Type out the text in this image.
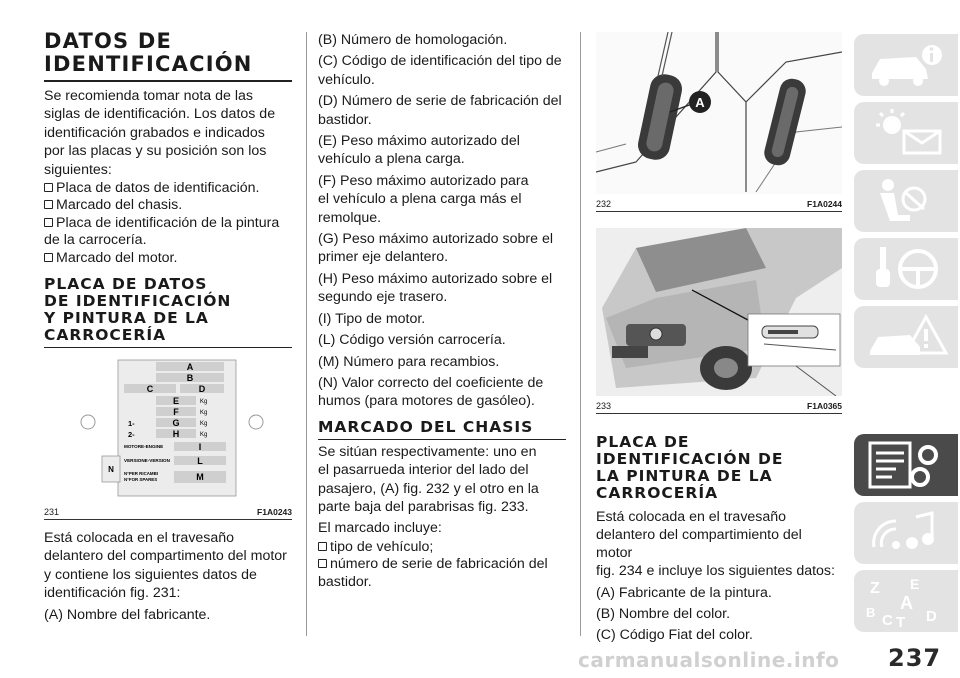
DATOS DE
IDENTIFICACIÓN

Se recomienda tomar nota de las

siglas de identificación. Los datos de

identificación grabados e indicados

por las placas y su posición son los

siguientes:

Placa de datos de identificación.
Marcado del chasis.
Placa de identificación de la pintura
de la carrocería.
Marcado del motor.
PLACA DE DATOS
DE IDENTIFICACIÓN
Y PINTURA DE LA
CARROCERÍA
A
B
C	D
E
F
G
H
Kg
Kg
Kg
Kg
1-
2-
MOTORE-ENGINE
VERSIONE-VERSION
N°PER RICAMBI
N°FOR SPARES
I
L
M
N
231	F1A0243

Está colocada en el travesaño

delantero del compartimento del motor

y contiene los siguientes datos de

identificación fig. 231:

(A) Nombre del fabricante.

(B) Número de homologación.

(C) Código de identificación del tipo de

vehículo.

(D) Número de serie de fabricación del

bastidor.

(E) Peso máximo autorizado del

vehículo a plena carga.

(F) Peso máximo autorizado para

el vehículo a plena carga más el

remolque.

(G) Peso máximo autorizado sobre el

primer eje delantero.

(H) Peso máximo autorizado sobre el

segundo eje trasero.

(I) Tipo de motor.

(L) Código versión carrocería.

(M) Número para recambios.

(N) Valor correcto del coeficiente de

humos (para motores de gasóleo).

MARCADO DEL CHASIS

Se sitúan respectivamente: uno en

el pasarrueda interior del lado del

pasajero, (A) fig. 232 y el otro en la

parte baja del parabrisas fig. 233.

El marcado incluye:

tipo de vehículo;
número de serie de fabricación del
bastidor.
A
232	F1A0244
233	F1A0365
PLACA DE
IDENTIFICACIÓN DE
LA PINTURA DE LA
CARROCERÍA

Está colocada en el travesaño

delantero del compartimiento del motor

fig. 234 e incluye los siguientes datos:

(A) Fabricante de la pintura.

(B) Nombre del color.

(C) Código Fiat del color.

Z E
A
B C T D
carmanualsonline.info 237
